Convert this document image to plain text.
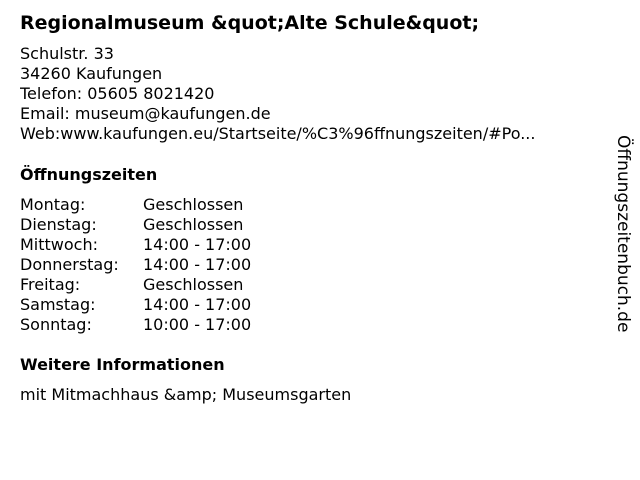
Regionalmuseum &quot;Alte Schule&quot;
Schulstr. 33
34260 Kaufungen
Telefon: 05605 8021420
Email: museum@kaufungen.de
Web: www.kaufungen.eu/Startseite/%C3%96ffnungszeiten/#Po...
Öffnungszeiten
Montag:	Geschlossen
Dienstag:	Geschlossen
Mittwoch:	14:00 - 17:00
Donnerstag:	14:00 - 17:00
Freitag:	Geschlossen
Samstag:	14:00 - 17:00
Sonntag:	10:00 - 17:00
Weitere Informationen
mit Mitmachhaus &amp; Museumsgarten
Öffnungszeitenbuch.de
